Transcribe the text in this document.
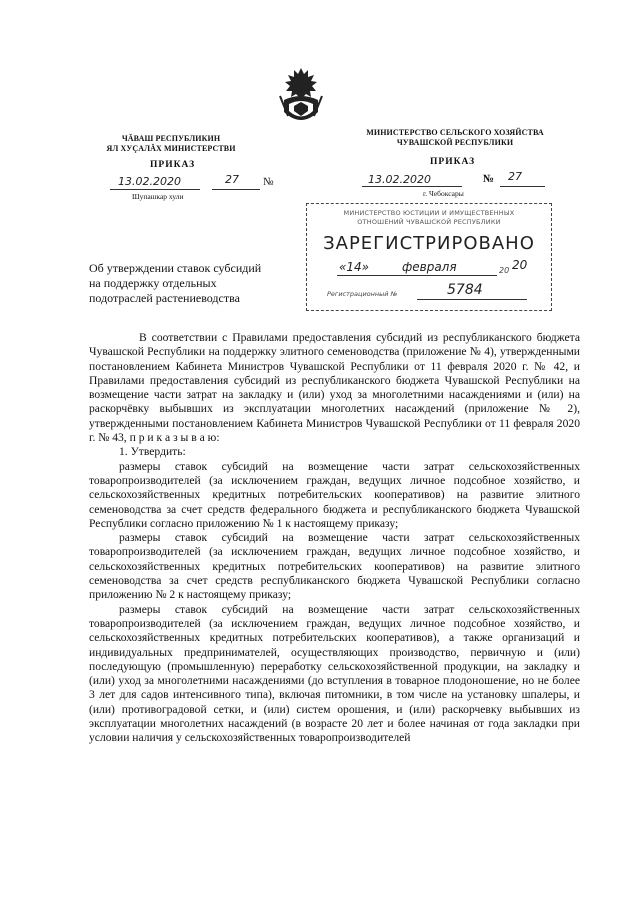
ЧĂВАШ РЕСПУБЛИКИН
ЯЛ ХУÇАЛĂХ МИНИСТЕРСТВИ
ПРИКАЗ
13.02.2020	27 №
Шупашкар хули
МИНИСТЕРСТВО СЕЛЬСКОГО ХОЗЯЙСТВА
ЧУВАШСКОЙ РЕСПУБЛИКИ
ПРИКАЗ
13.02.2020	№ 27
г. Чебоксары
МИНИСТЕРСТВО ЮСТИЦИИ И ИМУЩЕСТВЕННЫХ
ОТНОШЕНИЙ ЧУВАШСКОЙ РЕСПУБЛИКИ
ЗАРЕГИСТРИРОВАНО
«14»	февраля	20 20
Регистрационный №	5784
Об утверждении ставок субсидий
на поддержку отдельных
подотраслей растениеводства

В соответствии с Правилами предоставления субсидий из республиканского бюджета Чувашской Республики на поддержку элитного семеноводства (приложение № 4), утвержденными постановлением Кабинета Министров Чувашской Республики от 11 февраля 2020 г. № 42, и Правилами предоставления субсидий из республиканского бюджета Чувашской Республики на возмещение части затрат на закладку и (или) уход за многолетними насаждениями и (или) на раскорчёвку выбывших из эксплуатации многолетних насаждений (приложение № 2), утвержденными постановлением Кабинета Министров Чувашской Республики от 11 февраля 2020 г. № 43, п р и к а з ы в а ю:

1. Утвердить:

размеры ставок субсидий на возмещение части затрат сельскохозяйственных товаропроизводителей (за исключением граждан, ведущих личное подсобное хозяйство, и сельскохозяйственных кредитных потребительских кооперативов) на развитие элитного семеноводства за счет средств федерального бюджета и республиканского бюджета Чувашской Республики согласно приложению № 1 к настоящему приказу;

размеры ставок субсидий на возмещение части затрат сельскохозяйственных товаропроизводителей (за исключением граждан, ведущих личное подсобное хозяйство, и сельскохозяйственных кредитных потребительских кооперативов) на развитие элитного семеноводства за счет средств республиканского бюджета Чувашской Республики согласно приложению № 2 к настоящему приказу;

размеры ставок субсидий на возмещение части затрат сельскохозяйственных товаропроизводителей (за исключением граждан, ведущих личное подсобное хозяйство, и сельскохозяйственных кредитных потребительских кооперативов), а также организаций и индивидуальных предпринимателей, осуществляющих производство, первичную и (или) последующую (промышленную) переработку сельскохозяйственной продукции, на закладку и (или) уход за многолетними насаждениями (до вступления в товарное плодоношение, но не более 3 лет для садов интенсивного типа), включая питомники, в том числе на установку шпалеры, и (или) противоградовой сетки, и (или) систем орошения, и (или) раскорчевку выбывших из эксплуатации многолетних насаждений (в возрасте 20 лет и более начиная от года закладки при условии наличия у сельскохозяйственных товаропроизводителей
